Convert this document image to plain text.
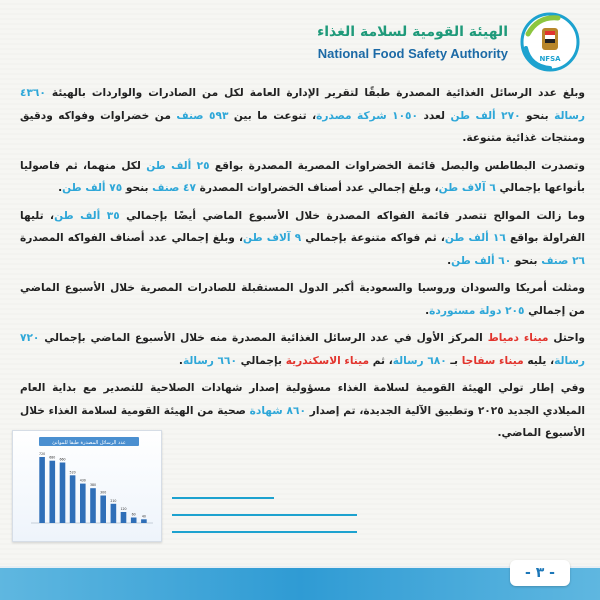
NFSA
الهيئة القومية لسلامة الغذاء
National Food Safety Authority

وبلغ عدد الرسائل الغذائية المصدرة طبقًا لتقرير الإدارة العامة لكل من الصادرات والواردات بالهيئة ٤٣٦٠ رسالة بنحو ٢٧٠ ألف طن لعدد ١٠٥٠ شركة مصدرة، تنوعت ما بين ٥٩٣ صنف من خضراوات وفواكه ودقيق ومنتجات غذائية متنوعة.

وتصدرت البطاطس والبصل قائمة الخضراوات المصرية المصدرة بواقع ٢٥ ألف طن لكل منهما، ثم فاصوليا بأنواعها بإجمالي ٦ آلاف طن، وبلغ إجمالي عدد أصناف الخضراوات المصدرة ٤٧ صنف بنحو ٧٥ ألف طن.

وما زالت الموالح تتصدر قائمة الفواكه المصدرة خلال الأسبوع الماضي أيضًا بإجمالي ٣٥ ألف طن، تليها الفراولة بواقع ١٦ ألف طن، ثم فواكه متنوعة بإجمالي ٩ آلاف طن، وبلغ إجمالي عدد أصناف الفواكه المصدرة ٢٦ صنف بنحو ٦٠ ألف طن.

ومثلت أمريكا والسودان وروسيا والسعودية أكبر الدول المستقبلة للصادرات المصرية خلال الأسبوع الماضي من إجمالي ٢٠٥ دولة مستوردة.

واحتل ميناء دمياط المركز الأول في عدد الرسائل الغذائية المصدرة منه خلال الأسبوع الماضي بإجمالي ٧٢٠ رسالة، يليه ميناء سفاجا بـ ٦٨٠ رسالة، ثم ميناء الاسكندرية بإجمالي ٦٦٠ رسالة.

وفي إطار تولي الهيئة القومية لسلامة الغذاء مسؤولية إصدار شهادات الصلاحية للتصدير مع بداية العام الميلادي الجديد ٢٠٢٥ وتطبيق الآلية الجديدة، تم إصدار ٨٦٠ شهادة صحية من الهيئة القومية لسلامة الغذاء خلال الأسبوع الماضي.

عدد الرسائل المصدرة طبقا للموانئ
720
680 660
520
430
380
300
210
120
60 40
- ٣ -
